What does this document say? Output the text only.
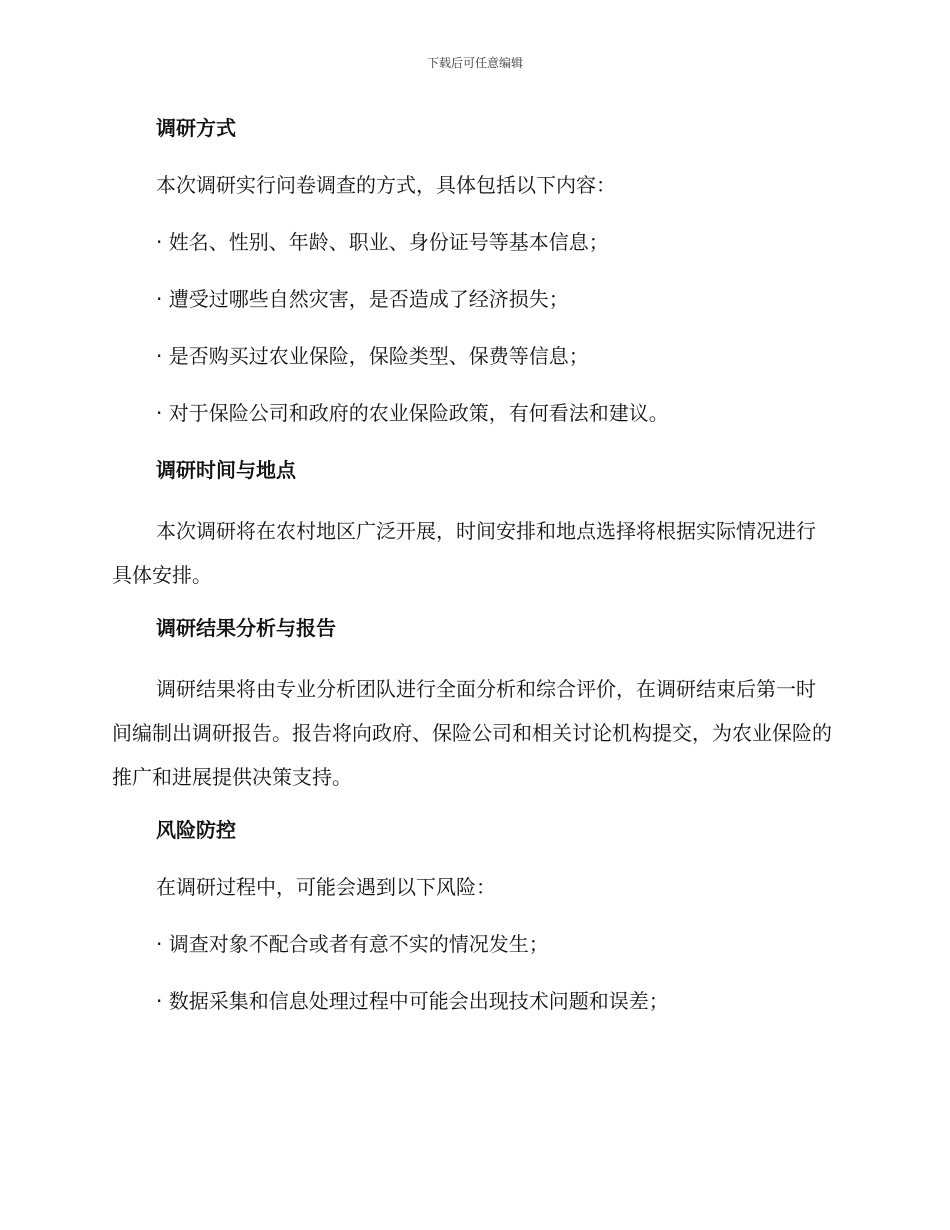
下载后可任意编辑
调研方式
本次调研实行问卷调查的方式，具体包括以下内容：
· 姓名、性别、年龄、职业、身份证号等基本信息；
· 遭受过哪些自然灾害，是否造成了经济损失；
· 是否购买过农业保险，保险类型、保费等信息；
· 对于保险公司和政府的农业保险政策，有何看法和建议。
调研时间与地点
本次调研将在农村地区广泛开展，时间安排和地点选择将根据实际情况进行具体安排。
调研结果分析与报告
调研结果将由专业分析团队进行全面分析和综合评价，在调研结束后第一时间编制出调研报告。报告将向政府、保险公司和相关讨论机构提交，为农业保险的推广和进展提供决策支持。
风险防控
在调研过程中，可能会遇到以下风险：
· 调查对象不配合或者有意不实的情况发生；
· 数据采集和信息处理过程中可能会出现技术问题和误差；
